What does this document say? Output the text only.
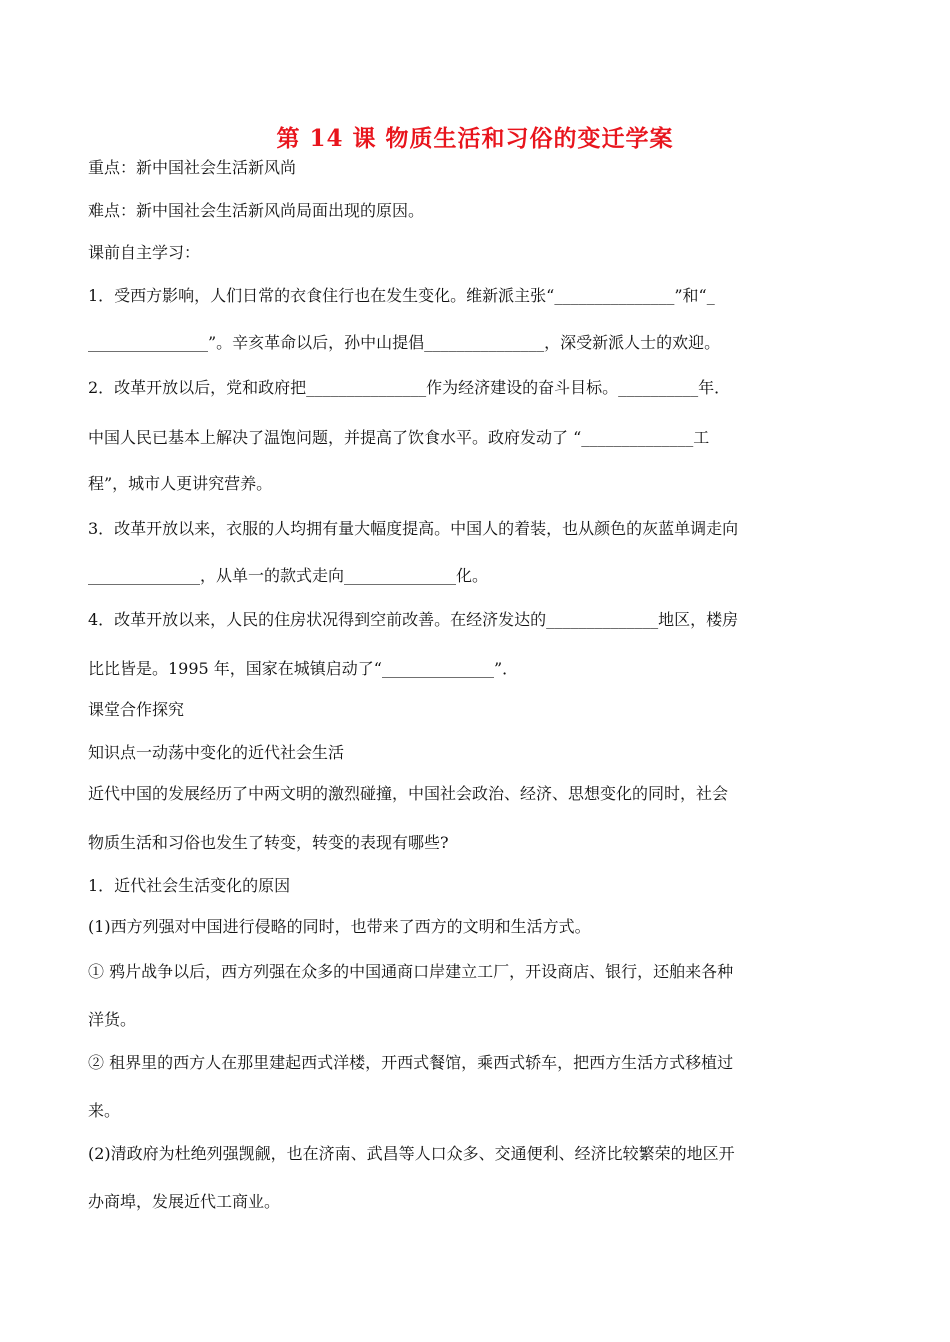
第 14 课 物质生活和习俗的变迁学案
重点：新中国社会生活新风尚
难点：新中国社会生活新风尚局面出现的原因。
课前自主学习：
1．受西方影响，人们日常的衣食住行也在发生变化。维新派主张“_______________”和“_
_______________”。辛亥革命以后，孙中山提倡_______________，深受新派人士的欢迎。
2．改革开放以后，党和政府把_______________作为经济建设的奋斗目标。__________年．
中国人民已基本上解决了温饱问题，并提高了饮食水平。政府发动了 “______________工
程”，城市人更讲究营养。
3．改革开放以来，衣服的人均拥有量大幅度提高。中国人的着装，也从颜色的灰蓝单调走向
______________，从单一的款式走向______________化。
4．改革开放以来，人民的住房状况得到空前改善。在经济发达的______________地区，楼房
比比皆是。1995 年，国家在城镇启动了“______________”．
课堂合作探究
知识点一动荡中变化的近代社会生活
近代中国的发展经历了中两文明的激烈碰撞，中国社会政治、经济、思想变化的同时，社会
物质生活和习俗也发生了转变，转变的表现有哪些?
1．近代社会生活变化的原因
(1)西方列强对中国进行侵略的同时，也带来了西方的文明和生活方式。
① 鸦片战争以后，西方列强在众多的中国通商口岸建立工厂，开设商店、银行，还舶来各种
洋货。
② 租界里的西方人在那里建起西式洋楼，开西式餐馆，乘西式轿车，把西方生活方式移植过
来。
(2)清政府为杜绝列强觊觎，也在济南、武昌等人口众多、交通便利、经济比较繁荣的地区开
办商埠，发展近代工商业。
